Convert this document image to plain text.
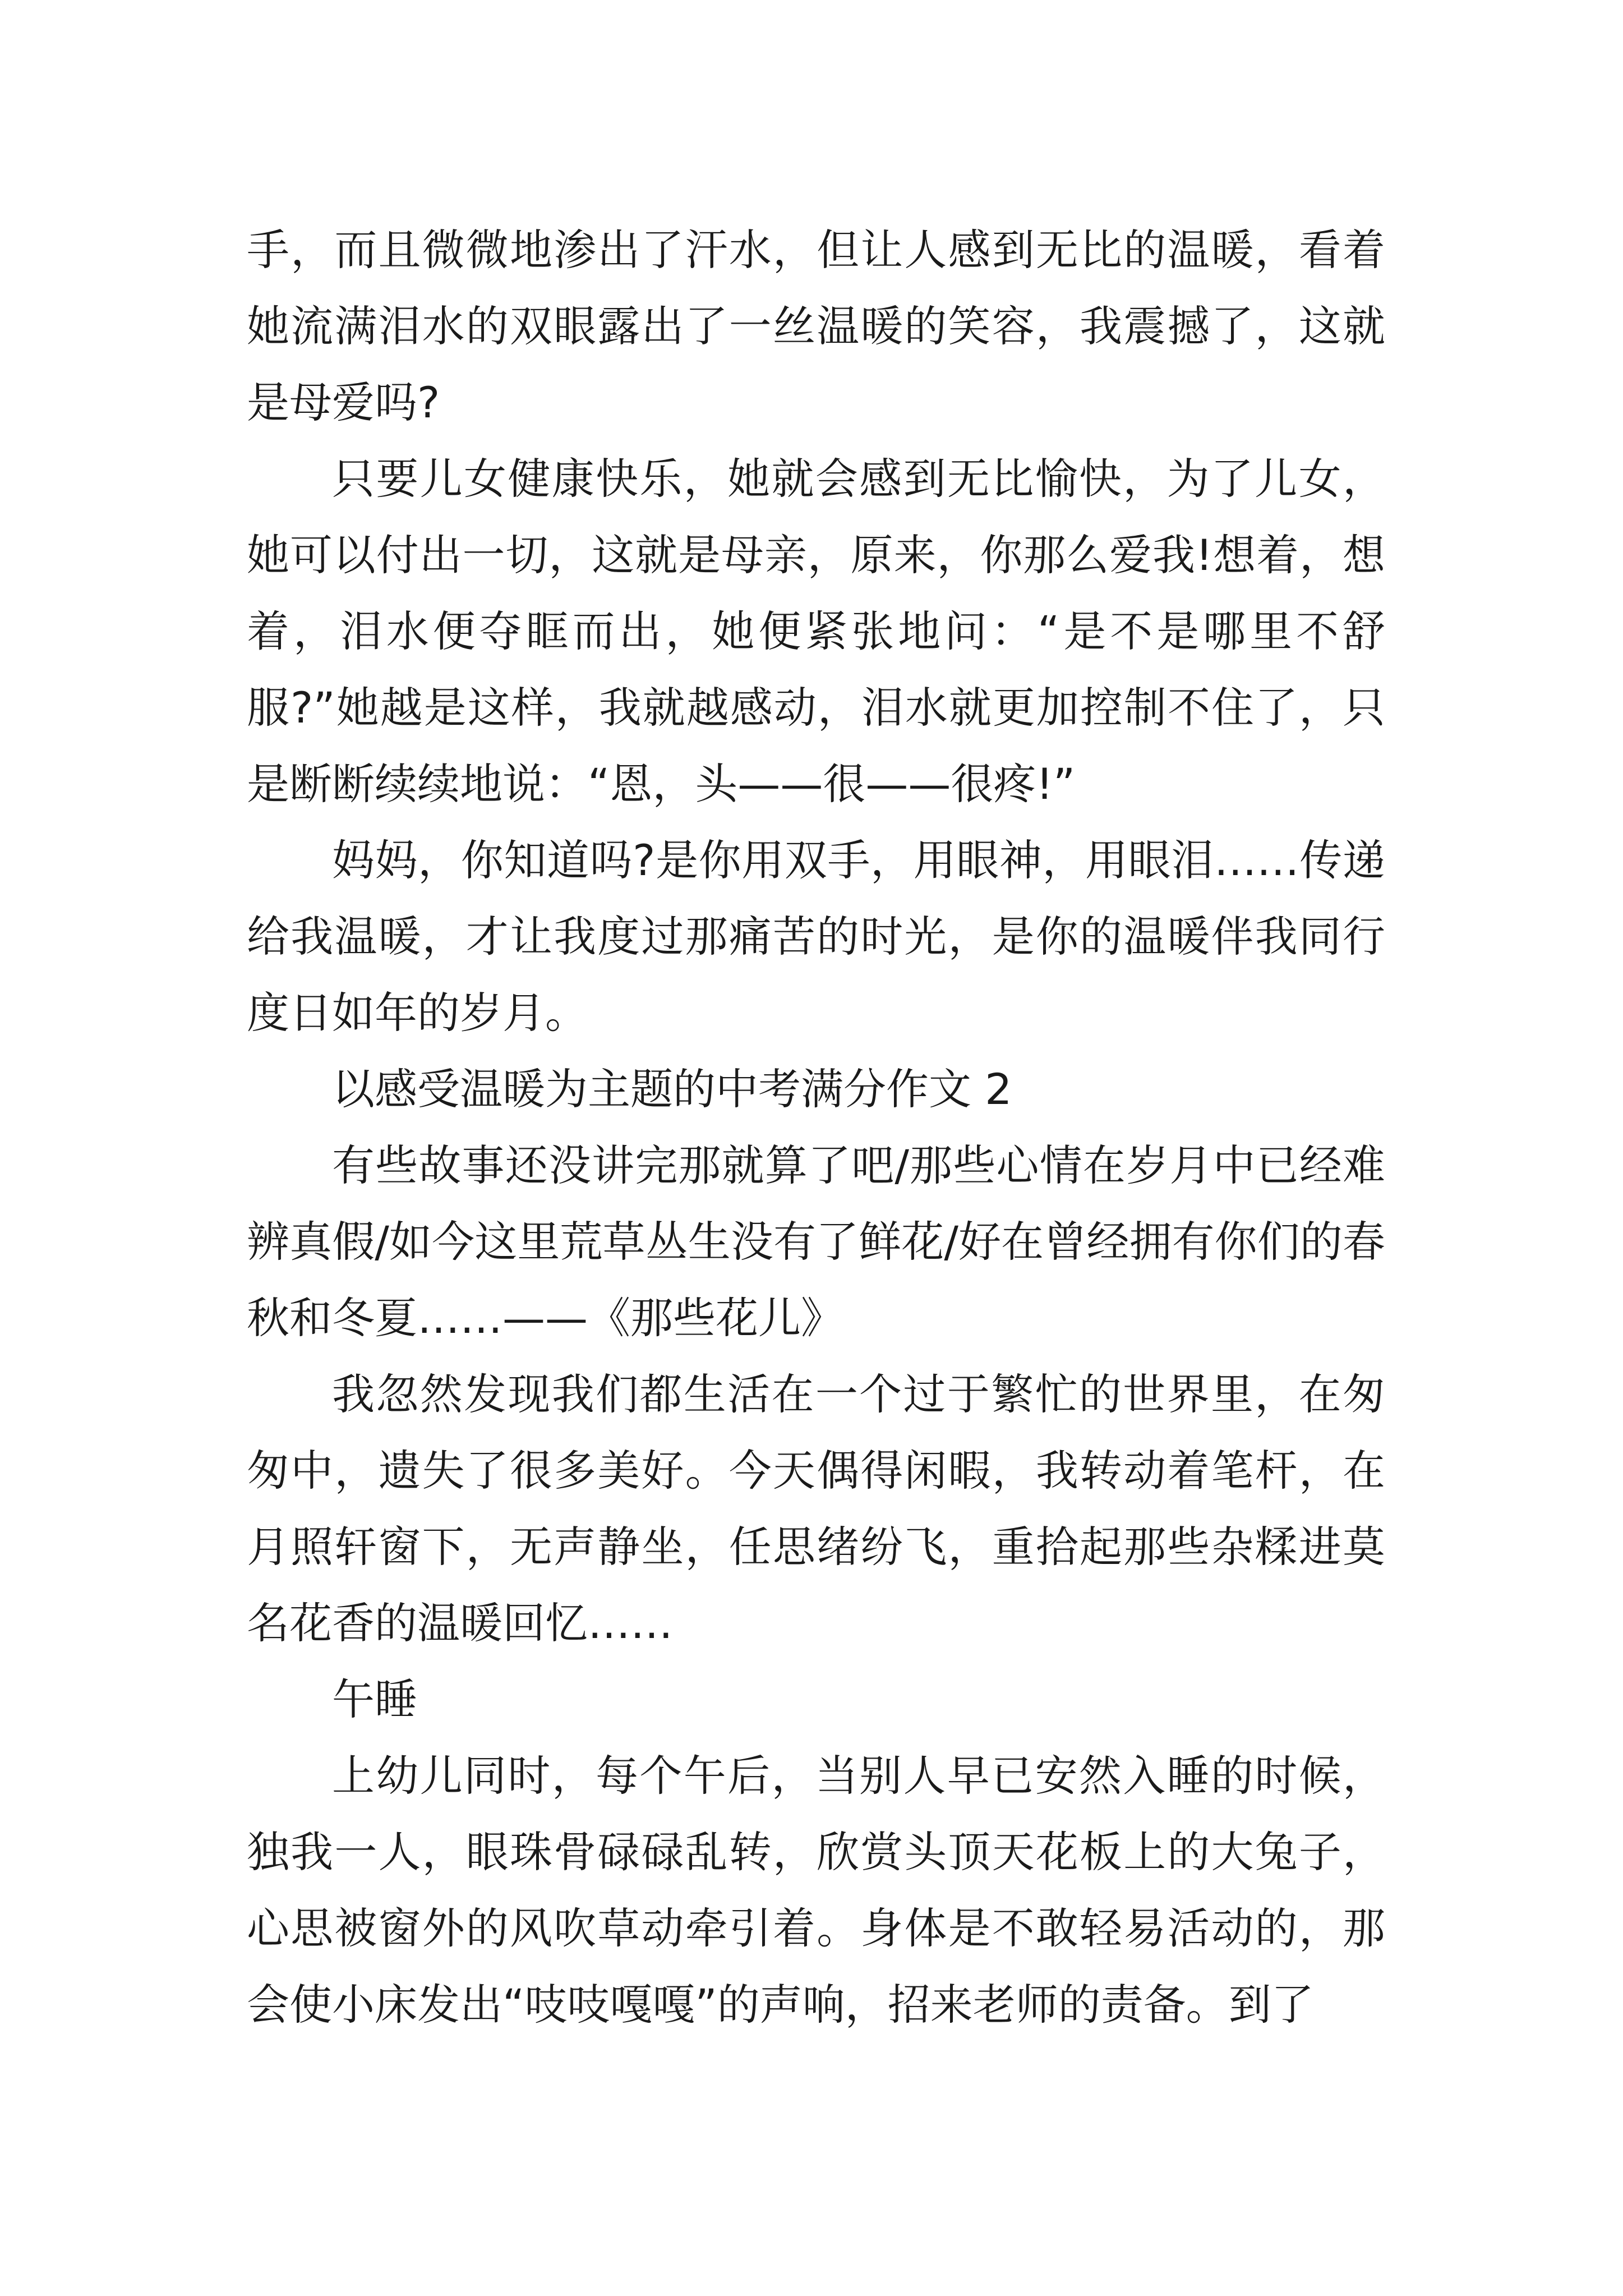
手，而且微微地渗出了汗水，但让人感到无比的温暖，看着她流满泪水的双眼露出了一丝温暖的笑容，我震撼了，这就是母爱吗?

只要儿女健康快乐，她就会感到无比愉快，为了儿女，她可以付出一切，这就是母亲，原来，你那么爱我!想着，想着，泪水便夺眶而出，她便紧张地问：“是不是哪里不舒服?”她越是这样，我就越感动，泪水就更加控制不住了，只是断断续续地说：“恩，头——很——很疼!”

妈妈，你知道吗?是你用双手，用眼神，用眼泪……传递给我温暖，才让我度过那痛苦的时光，是你的温暖伴我同行度日如年的岁月。

以感受温暖为主题的中考满分作文 2

有些故事还没讲完那就算了吧/那些心情在岁月中已经难辨真假/如今这里荒草丛生没有了鲜花/好在曾经拥有你们的春秋和冬夏……——《那些花儿》

我忽然发现我们都生活在一个过于繁忙的世界里，在匆匆中，遗失了很多美好。今天偶得闲暇，我转动着笔杆，在月照轩窗下，无声静坐，任思绪纷飞，重拾起那些杂糅进莫名花香的温暖回忆……

午睡

上幼儿同时，每个午后，当别人早已安然入睡的时候，独我一人，眼珠骨碌碌乱转，欣赏头顶天花板上的大兔子，心思被窗外的风吹草动牵引着。身体是不敢轻易活动的，那会使小床发出“吱吱嘎嘎”的声响，招来老师的责备。到了
